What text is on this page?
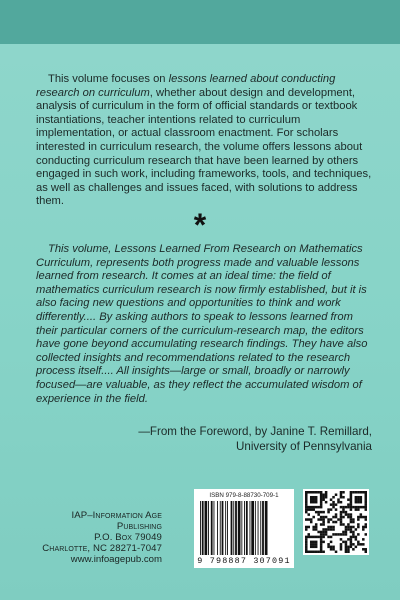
This volume focuses on lessons learned about conducting research on curriculum, whether about design and development, analysis of curriculum in the form of official standards or textbook instantiations, teacher intentions related to curriculum implementation, or actual classroom enactment. For scholars interested in curriculum research, the volume offers lessons about conducting curriculum research that have been learned by others engaged in such work, including frameworks, tools, and techniques, as well as challenges and issues faced, with solutions to address them.

*

This volume, Lessons Learned From Research on Mathematics Curriculum, represents both progress made and valuable lessons learned from research. It comes at an ideal time: the field of mathematics curriculum research is now firmly established, but it is also facing new questions and opportunities to think and work differently.... By asking authors to speak to lessons learned from their particular corners of the curriculum-research map, the editors have gone beyond accumulating research findings. They have also collected insights and recommendations related to the research process itself.... All insights—large or small, broadly or narrowly focused—are valuable, as they reflect the accumulated wisdom of experience in the field.

—From the Foreword, by Janine T. Remillard,

University of Pennsylvania

IAP–Information Age Publishing
P.O. Box 79049
Charlotte, NC 28271-7047
www.infoagepub.com
ISBN 979-8-88730-709-1
9 798887 307091
